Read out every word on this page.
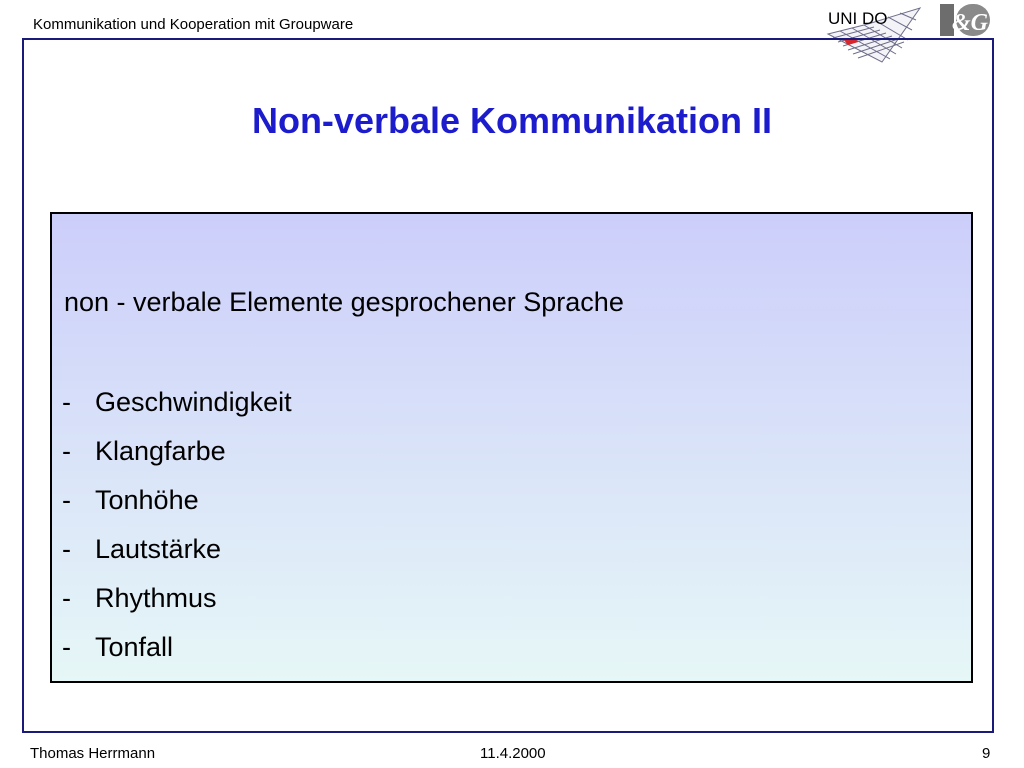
Kommunikation und Kooperation mit Groupware	UNI DO	&G
Non-verbale Kommunikation II
non - verbale Elemente gesprochener Sprache
- Geschwindigkeit
- Klangfarbe
- Tonhöhe
- Lautstärke
- Rhythmus
- Tonfall
Thomas Herrmann	11.4.2000	9
